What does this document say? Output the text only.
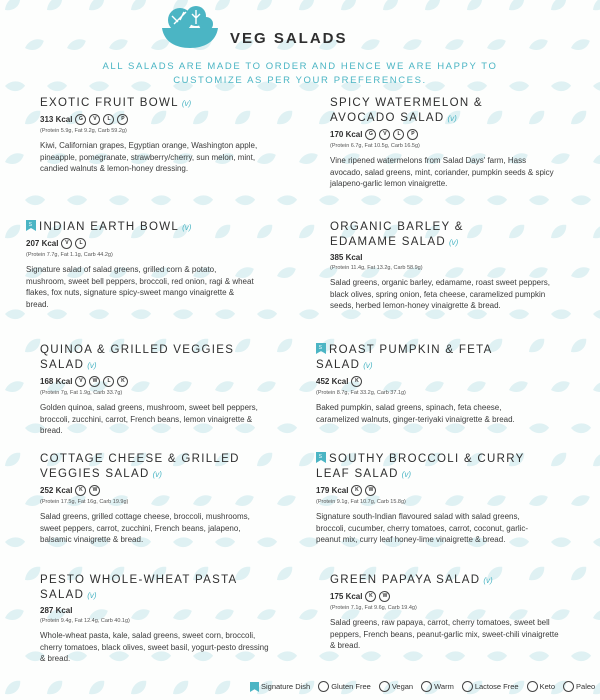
VEG SALADS
ALL SALADS ARE MADE TO ORDER AND HENCE WE ARE HAPPY TO
CUSTOMIZE AS PER YOUR PREFERENCES.
EXOTIC FRUIT BOWL (v)
313 Kcal	G	V	L	P
(Protein 5.9g, Fat 9.2g, Carb 59.2g)
Kiwi, Californian grapes, Egyptian orange, Washington apple, pineapple, pomegranate, strawberry/cherry, sun melon, mint, candied walnuts & lemon-honey dressing.
S INDIAN EARTH BOWL (v)
207 Kcal	V	L
(Protein 7.7g, Fat 1.1g, Carb 44.2g)
Signature salad of salad greens, grilled corn & potato, mushroom, sweet bell peppers, broccoli, red onion, ragi & wheat flakes, fox nuts, signature spicy-sweet mango vinaigrette & bread.
QUINOA & GRILLED VEGGIES
SALAD (v)
168 Kcal	V	W	L	K
(Protein 7g, Fat 1.9g, Carb 33.7g)
Golden quinoa, salad greens, mushroom, sweet bell peppers, broccoli, zucchini, carrot, French beans, lemon vinaigrette & bread.
COTTAGE CHEESE & GRILLED
VEGGIES SALAD (v)
252 Kcal	K	W
(Protein 17.5g, Fat 16g, Carb 19.9g)
Salad greens, grilled cottage cheese, broccoli, mushrooms, sweet peppers, carrot, zucchini, French beans, jalapeno, balsamic vinaigrette & bread.
PESTO WHOLE-WHEAT PASTA
SALAD (v)
287 Kcal
(Protein 9.4g, Fat 12.4g, Carb 40.1g)
Whole-wheat pasta, kale, salad greens, sweet corn, broccoli, cherry tomatoes, black olives, sweet basil, yogurt-pesto dressing & bread.
SPICY WATERMELON &
AVOCADO SALAD (v)
170 Kcal	G	V	L	P
(Protein 6.7g, Fat 10.5g, Carb 16.5g)
Vine ripened watermelons from Salad Days' farm, Hass avocado, salad greens, mint, coriander, pumpkin seeds & spicy jalapeno-garlic lemon vinaigrette.
ORGANIC BARLEY &
EDAMAME SALAD (v)
385 Kcal
(Protein 11.4g, Fat 13.2g, Carb 58.9g)
Salad greens, organic barley, edamame, roast sweet peppers, black olives, spring onion, feta cheese, caramelized pumpkin seeds, herbed lemon-honey vinaigrette & bread.
S ROAST PUMPKIN & FETA
SALAD (v)
452 Kcal	K
(Protein 8.7g, Fat 33.2g, Carb 37.1g)
Baked pumpkin, salad greens, spinach, feta cheese, caramelized walnuts, ginger-teriyaki vinaigrette & bread.
S SOUTHY BROCCOLI & CURRY
LEAF SALAD (v)
179 Kcal	K	W
(Protein 9.1g, Fat 10.7g, Carb 15.8g)
Signature south-Indian flavoured salad with salad greens, broccoli, cucumber, cherry tomatoes, carrot, coconut, garlic-peanut mix, curry leaf honey-lime vinaigrette & bread.
GREEN PAPAYA SALAD (v)
175 Kcal	K	W
(Protein 7.1g, Fat 9.6g, Carb 19.4g)
Salad greens, raw papaya, carrot, cherry tomatoes, sweet bell peppers, French beans, peanut-garlic mix, sweet-chili vinaigrette & bread.
Signature Dish	Gluten Free	Vegan	Warm	Lactose Free	Keto	Paleo
